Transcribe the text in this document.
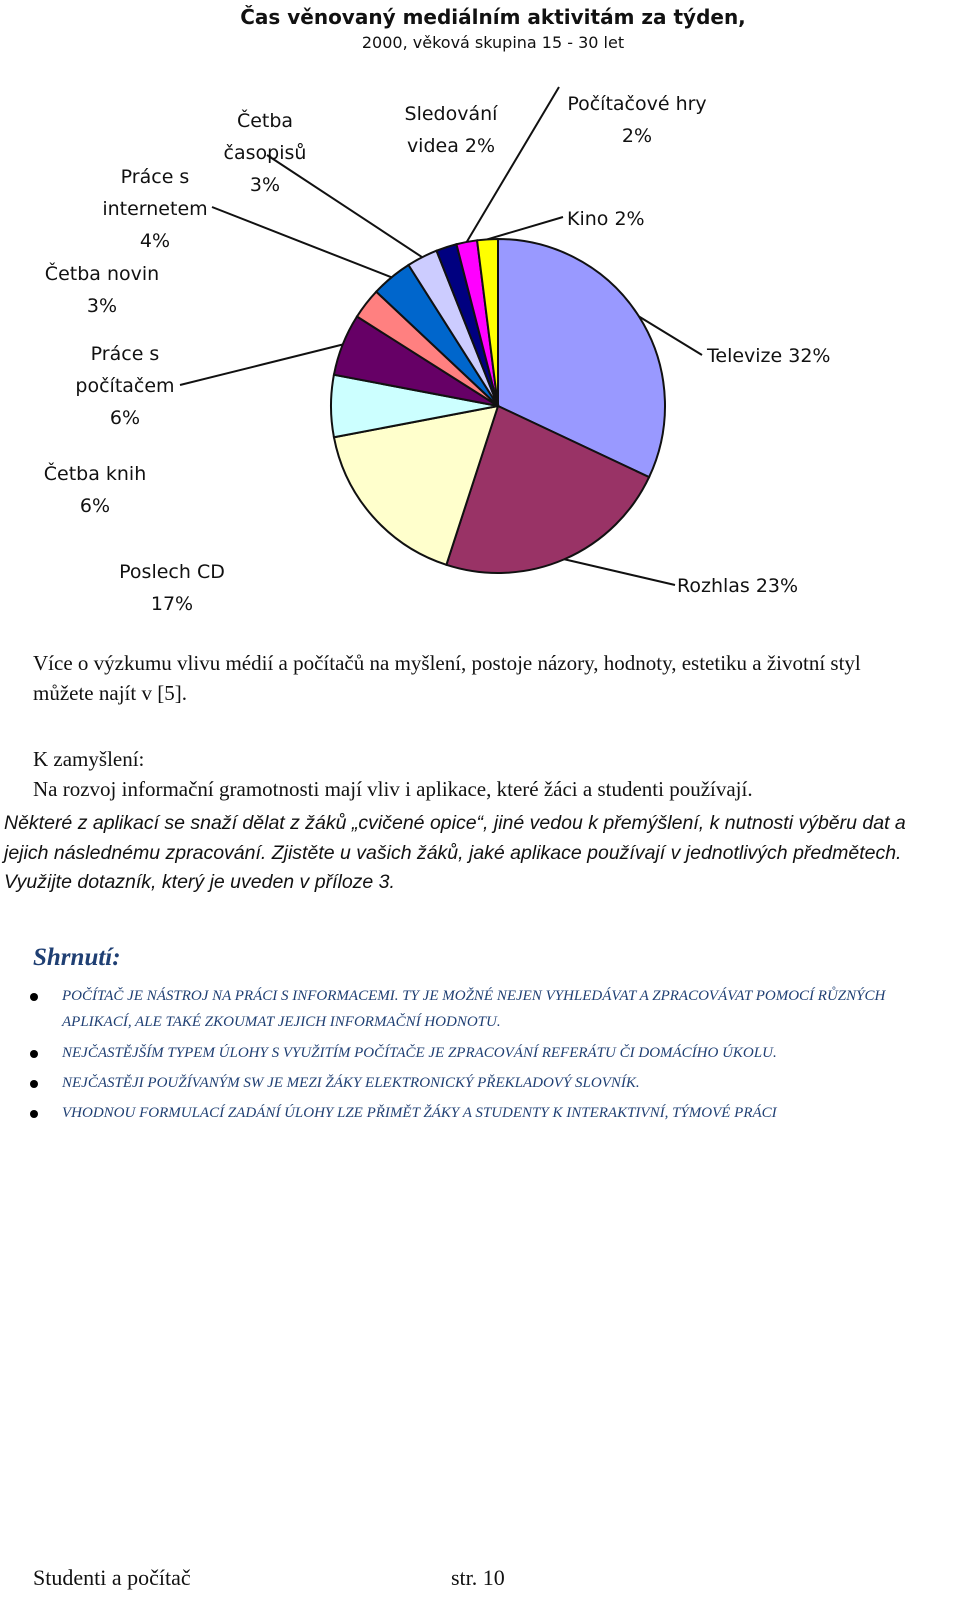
Čas věnovaný mediálním aktivitám za týden,
2000, věková skupina 15 - 30 let
Televize 32%
Rozhlas 23%
Poslech CD 17%
Četba knih 6%
Práce s počítačem 6%
Četba novin 3%
Práce s internetem 4%
Četba časopisů 3%
Sledování videa 2%
Počítačové hry 2%
Kino 2%
Více o výzkumu vlivu médií a počítačů na myšlení, postoje názory, hodnoty, estetiku a životní styl můžete najít v [5].
K zamyšlení:
Na rozvoj informační gramotnosti mají vliv i aplikace, které žáci a studenti používají.
Některé z aplikací se snaží dělat z žáků „cvičené opice“, jiné vedou k přemýšlení, k nutnosti výběru dat a jejich následnému zpracování. Zjistěte u vašich žáků, jaké aplikace používají v jednotlivých předmětech. Využijte dotazník, který je uveden v příloze 3.
Shrnutí:
POČÍTAČ JE NÁSTROJ NA PRÁCI S INFORMACEMI. TY JE MOŽNÉ NEJEN VYHLEDÁVAT A ZPRACOVÁVAT POMOCÍ RŮZNÝCH APLIKACÍ, ALE TAKÉ ZKOUMAT JEJICH INFORMAČNÍ HODNOTU.
NEJČASTĚJŠÍM TYPEM ÚLOHY S VYUŽITÍM POČÍTAČE JE ZPRACOVÁNÍ REFERÁTU ČI DOMÁCÍHO ÚKOLU.
NEJČASTĚJI POUŽÍVANÝM SW JE MEZI ŽÁKY ELEKTRONICKÝ PŘEKLADOVÝ SLOVNÍK.
VHODNOU FORMULACÍ ZADÁNÍ ÚLOHY LZE PŘIMĚT ŽÁKY A STUDENTY K INTERAKTIVNÍ, TÝMOVÉ PRÁCI
Studenti a počítač	str. 10
